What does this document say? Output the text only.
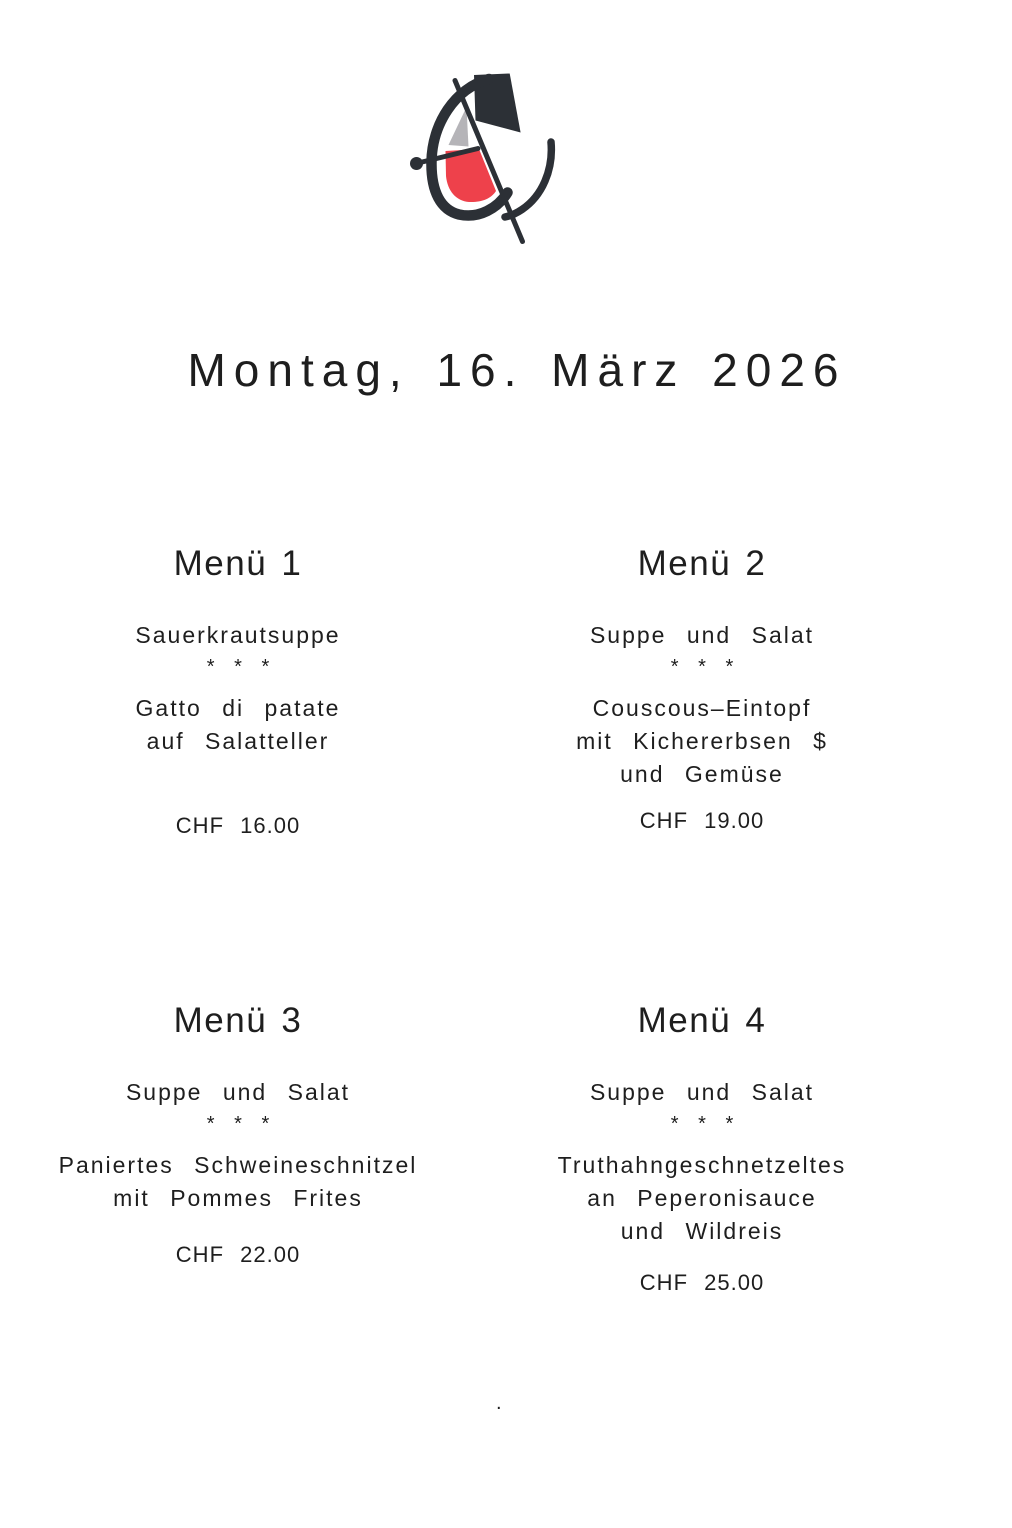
Montag, 16. März 2026
Menü 1
Sauerkrautsuppe
* * *
Gatto di patate
auf Salatteller
CHF 16.00
Menü 2
Suppe und Salat
* * *
Couscous–Eintopf
mit Kichererbsen $
und Gemüse
CHF 19.00
Menü 3
Suppe und Salat
* * *
Paniertes Schweineschnitzel
mit Pommes Frites
CHF 22.00
Menü 4
Suppe und Salat
* * *
Truthahngeschnetzeltes
an Peperonisauce
und Wildreis
CHF 25.00
.
